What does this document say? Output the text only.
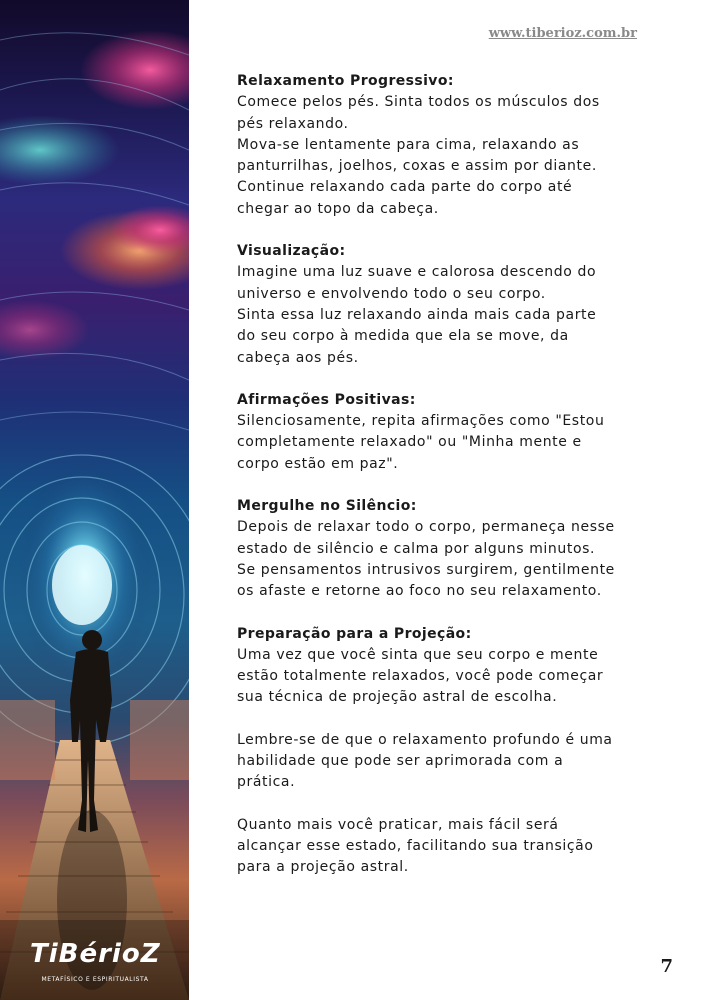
TiBérioZ
METAFÍSICO E ESPIRITUALISTA
www.tiberioz.com.br
Relaxamento Progressivo:

Comece pelos pés. Sinta todos os músculos dos

pés relaxando.

Mova-se lentamente para cima, relaxando as

panturrilhas, joelhos, coxas e assim por diante.

Continue relaxando cada parte do corpo até

chegar ao topo da cabeça.

Visualização:

Imagine uma luz suave e calorosa descendo do

universo e envolvendo todo o seu corpo.

Sinta essa luz relaxando ainda mais cada parte

do seu corpo à medida que ela se move, da

cabeça aos pés.

Afirmações Positivas:

Silenciosamente, repita afirmações como "Estou

completamente relaxado" ou "Minha mente e

corpo estão em paz".

Mergulhe no Silêncio:

Depois de relaxar todo o corpo, permaneça nesse

estado de silêncio e calma por alguns minutos.

Se pensamentos intrusivos surgirem, gentilmente

os afaste e retorne ao foco no seu relaxamento.

Preparação para a Projeção:

Uma vez que você sinta que seu corpo e mente

estão totalmente relaxados, você pode começar

sua técnica de projeção astral de escolha.

Lembre-se de que o relaxamento profundo é uma

habilidade que pode ser aprimorada com a

prática.

Quanto mais você praticar, mais fácil será

alcançar esse estado, facilitando sua transição

para a projeção astral.

7
